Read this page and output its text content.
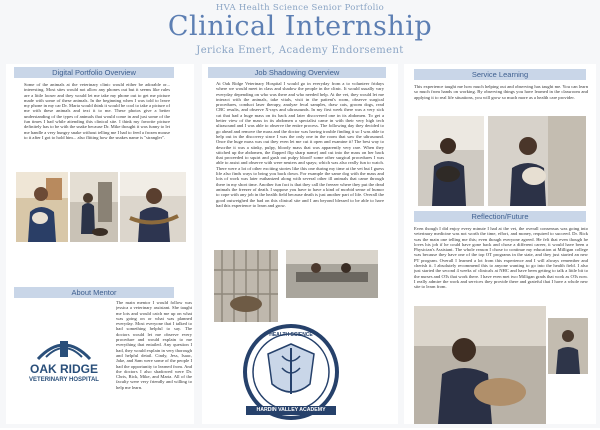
HVA Health Science Senior Portfolio
Clinical Internship
Jericka Emert, Academy Endorsement
Digital Portfolio Overview
Some of the animals at the veterinary clinic would either be adorable or... interesting. Most sites would not allow any phones out but it seems like rules are a little looser and they would let me take my phone out to get me picture made with some of these animals. In the beginning when I was told to leave my phone in my car Dr. Maria would think it would be cool to take a picture of me with these animals and text it to me. These photos give a better understanding of the types of animals that would come in and just some of the fun times I had while attending this clinical site. I think my favorite picture definitely has to be with the snake because Dr. Mike thought it was funny to let me handle a very hungry snake without telling me I had to feed a frozen mouse to it after I got to hold him... also flitting how the snakes name is "strangler".
About Mentor
OAK RIDGE
VETERINARY HOSPITAL
The main mentor I would follow was jessica a veterinary assistant. She taught me lots and would catch me up on what was going on or what was planned everyday. Most everyone that I talked to had something helpful to say. The doctors would let me observe every procedure and would explain to me everything that entailed. Any question I had, they would explain in very thorough and helpful detail. Cindy, Jess, Isaac, Jake, and Sam were some of the people I had the opportunity to learned from. And the doctors I also shadowed were Dr. Chris, Rick, Mike, and Maria. All of the faculty were very friendly and willing to help me learn.
Job Shadowing Overview
At Oak Ridge Veterinary Hospital I would go in everyday from a to volunteer fridays where we would meet in class and shadow the people in the clinic. It would usually vary everyday depending on who was there and who needed help. At the vet, they would let me interact with the animals, take vitals, visit in the patient's room, observe surgical procedures, conduct laser therapy, analyze fecal samples, draw cats, groom dogs, read CBC results, and observe X-rays and ultrasounds. In my first week there was a very sick cat that had a huge mass on its back and later discovered one in its abdomen. To get a better view of the mass in its abdomen a specialist came in with their very high tech ultrasound and I was able to observe the entire process. The following day they decided to go ahead and remove the mass and the doctor was having trouble finding it so I was able to help out in the discovery since I was the only one in the room that saw the ultrasound. Once the huge mass was out they even let me cut it open and examine it! The best way to describe it was a stinky, pulpy, bloody mass that was apparently very rare. When they stitched up the abdomen, the flapped flip sharp name) and cut into the mass on her back that proceeded to squirt and gush out pulpy blood! some other surgical procedures I was able to assist and observe with were neuters and spays; which was also really fun to watch. There were a lot of other exciting stories like this one during my time at the vet but I guess life also finds ways to bring you back down. For example the same dog with the mass and lots of work was later euthanized along with several other ill animals that came through there in my short time. Another fun fact is that they call the freezer where they put the dead animals the freezer of death. I suppose you have to have a kind of morbid sense of humor to cope with any job in the health field because death is just another part of life. Overall the good outweighed the bad on this clinical site and I am beyond blessed to be able to have had this experience to learn and grow.
HEALTH SCIENCE
HARDIN VALLEY ACADEMY
Service Learning
This experience taught me how much helping out and observing has taught me. You can learn so much from hands on working. By observing things you have learned in the classroom and applying it to real life situations, you will grow so much more as a health care provider.
Reflection/Future
Even though I did enjoy every minute I had at the vet, the overall consensus was going into veterinary medicine was not worth the time, effort, and money, required to succeed. Dr. Rick was the main one telling me this; even though everyone agreed. He felt that even though he loves his job if he could have gone back and chose a different career, it would have been a Physician's Assistant. The whole reason I chose to continue my education at Milligan college was because they have one of the top OT programs in the state, and they just started an new PT program. Overall I learned a lot from this experience and I will always remember and cherish it. I absolutely recommend this to anyone wanting to go into the health field. I also just started the second 4 weeks of clinicals at NHC and have been getting to talk a little bit to the nurses and OTs that work there. I have even met two Milligan grads that work as OTs now. I really admire the work and services they provide there and grateful that I have a whole new site to learn from.
